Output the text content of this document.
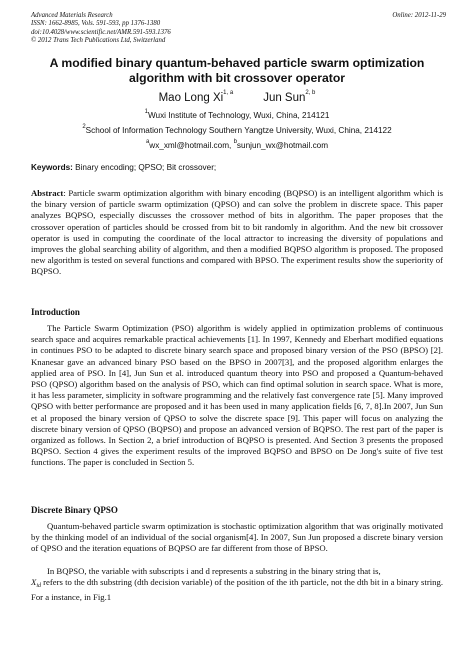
Advanced Materials Research
ISSN: 1662-8985, Vols. 591-593, pp 1376-1380
doi:10.4028/www.scientific.net/AMR.591-593.1376
© 2012 Trans Tech Publications Ltd, Switzerland
Online: 2012-11-29
A modified binary quantum-behaved particle swarm optimization
algorithm with bit crossover operator
Mao Long Xi$^{1, a}$	Jun Sun$^{2, b}$
$^1$Wuxi Institute of Technology, Wuxi, China, 214121
$^2$School of Information Technology Southern Yangtze University, Wuxi, China, 214122
$^a$wx_xml@hotmail.com, $^b$sunjun_wx@hotmail.com
Keywords: Binary encoding; QPSO; Bit crossover;
Abstract: Particle swarm optimization algorithm with binary encoding (BQPSO) is an intelligent algorithm which is the binary version of particle swarm optimization (QPSO) and can solve the problem in discrete space. This paper analyzes BQPSO, especially discusses the crossover method of bits in algorithm. The paper proposes that the crossover operation of particles should be crossed from bit to bit randomly in algorithm. And the new bit crossover operator is used in computing the coordinate of the local attractor to increasing the diversity of populations and improves the global searching ability of algorithm, and then a modified BQPSO algorithm is proposed. The proposed new algorithm is tested on several functions and compared with BPSO. The experiment results show the superiority of BQPSO.
Introduction
The Particle Swarm Optimization (PSO) algorithm is widely applied in optimization problems of continuous search space and acquires remarkable practical achievements [1]. In 1997, Kennedy and Eberhart modified equations in continues PSO to be adapted to discrete binary search space and proposed binary version of the PSO (BPSO) [2]. Knanesar gave an advanced binary PSO based on the BPSO in 2007[3], and the proposed algorithm enlarges the applied area of PSO. In [4], Jun Sun et al. introduced quantum theory into PSO and proposed a Quantum-behaved PSO (QPSO) algorithm based on the analysis of PSO, which can find optimal solution in search space. What is more, it has less parameter, simplicity in software programming and the relatively fast convergence rate [5]. Many improved QPSO with better performance are proposed and it has been used in many application fields [6, 7, 8].In 2007, Jun Sun et al proposed the binary version of QPSO to solve the discrete space [9]. This paper will focus on analyzing the discrete binary version of QPSO (BQPSO) and propose an advanced version of BQPSO. The rest part of the paper is organized as follows. In Section 2, a brief introduction of BQPSO is presented. And Section 3 presents the proposed BQPSO. Section 4 gives the experiment results of the improved BQPSO and BPSO on De Jong's suite of five test functions. The paper is concluded in Section 5.
Discrete Binary QPSO
Quantum-behaved particle swarm optimization is stochastic optimization algorithm that was originally motivated by the thinking model of an individual of the social organism[4]. In 2007, Sun Jun proposed a discrete binary version of QPSO and the iteration equations of BQPSO are far different from those of BPSO.
In BQPSO, the variable with subscripts i and d represents a substring in the binary string that is,
$X_{id}$ refers to the dth substring (dth decision variable) of the position of the ith particle, not the dth bit in a binary string. For a instance, in Fig.1
